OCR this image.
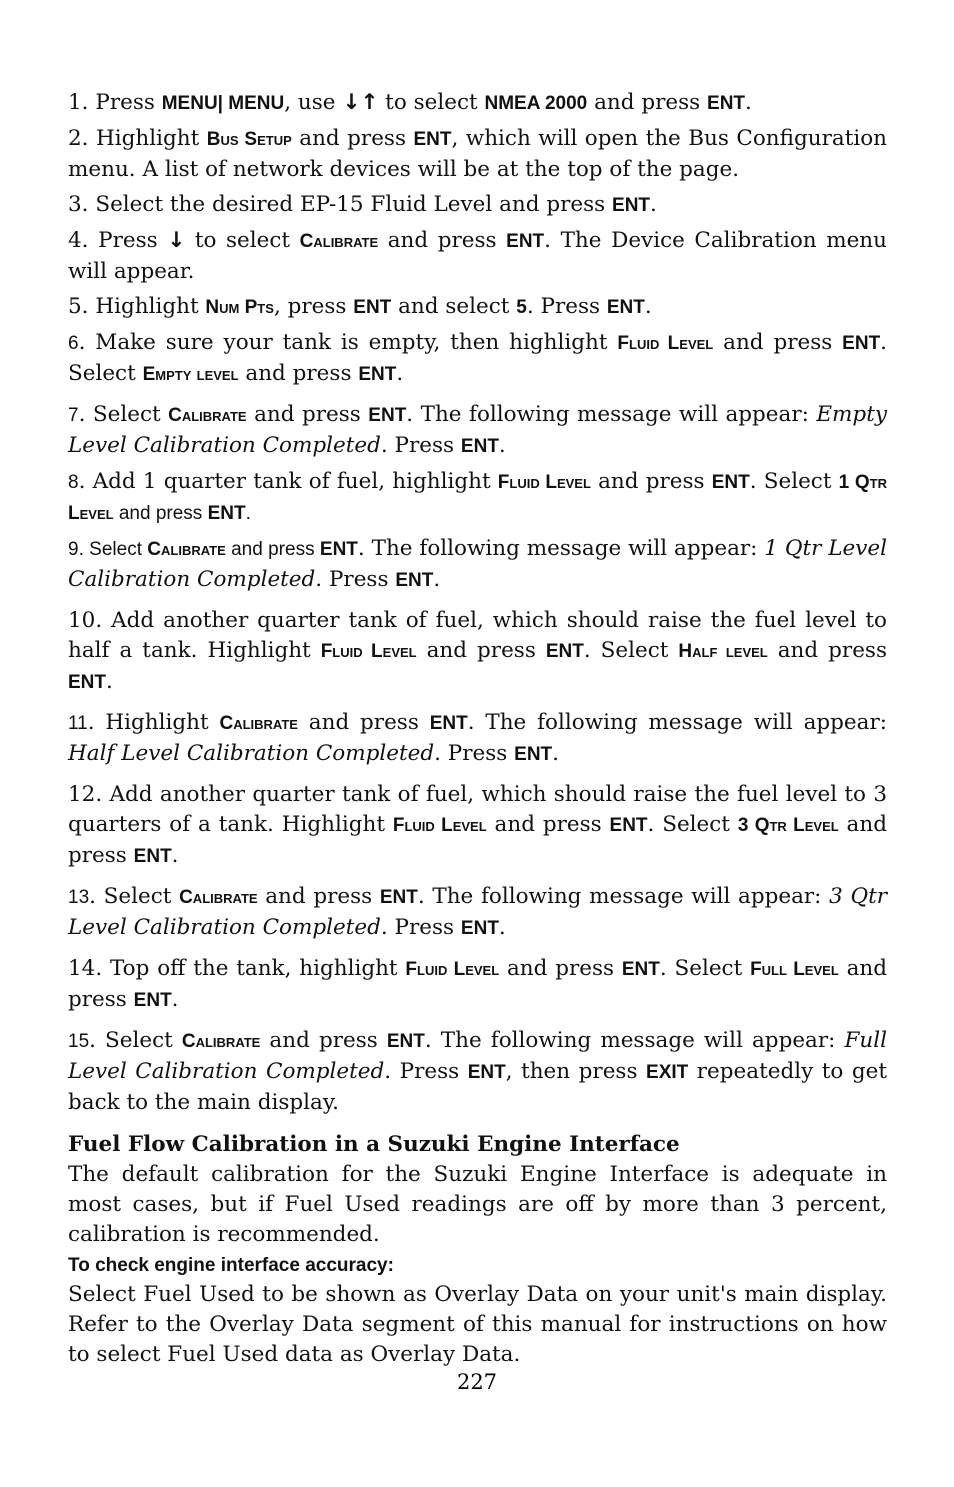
1. Press MENU| MENU, use ↓↑ to select NMEA 2000 and press ENT.

2. Highlight Bus Setup and press ENT, which will open the Bus Configuration menu. A list of network devices will be at the top of the page.

3. Select the desired EP-15 Fluid Level and press ENT.

4. Press ↓ to select Calibrate and press ENT. The Device Calibration menu will appear.

5. Highlight Num Pts, press ENT and select 5. Press ENT.

6. Make sure your tank is empty, then highlight Fluid Level and press ENT. Select Empty level and press ENT.

7. Select Calibrate and press ENT. The following message will appear: Empty Level Calibration Completed. Press ENT.

8. Add 1 quarter tank of fuel, highlight Fluid Level and press ENT. Select 1 Qtr Level and press ENT.

9. Select Calibrate and press ENT. The following message will appear: 1 Qtr Level Calibration Completed. Press ENT.

10. Add another quarter tank of fuel, which should raise the fuel level to half a tank. Highlight Fluid Level and press ENT. Select Half level and press ENT.

11. Highlight Calibrate and press ENT. The following message will appear: Half Level Calibration Completed. Press ENT.

12. Add another quarter tank of fuel, which should raise the fuel level to 3 quarters of a tank. Highlight Fluid Level and press ENT. Select 3 Qtr Level and press ENT.

13. Select Calibrate and press ENT. The following message will appear: 3 Qtr Level Calibration Completed. Press ENT.

14. Top off the tank, highlight Fluid Level and press ENT. Select Full Level and press ENT.

15. Select Calibrate and press ENT. The following message will appear: Full Level Calibration Completed. Press ENT, then press EXIT repeatedly to get back to the main display.

Fuel Flow Calibration in a Suzuki Engine Interface

The default calibration for the Suzuki Engine Interface is adequate in most cases, but if Fuel Used readings are off by more than 3 percent, calibration is recommended.

To check engine interface accuracy:

Select Fuel Used to be shown as Overlay Data on your unit's main display. Refer to the Overlay Data segment of this manual for instructions on how to select Fuel Used data as Overlay Data.

227
